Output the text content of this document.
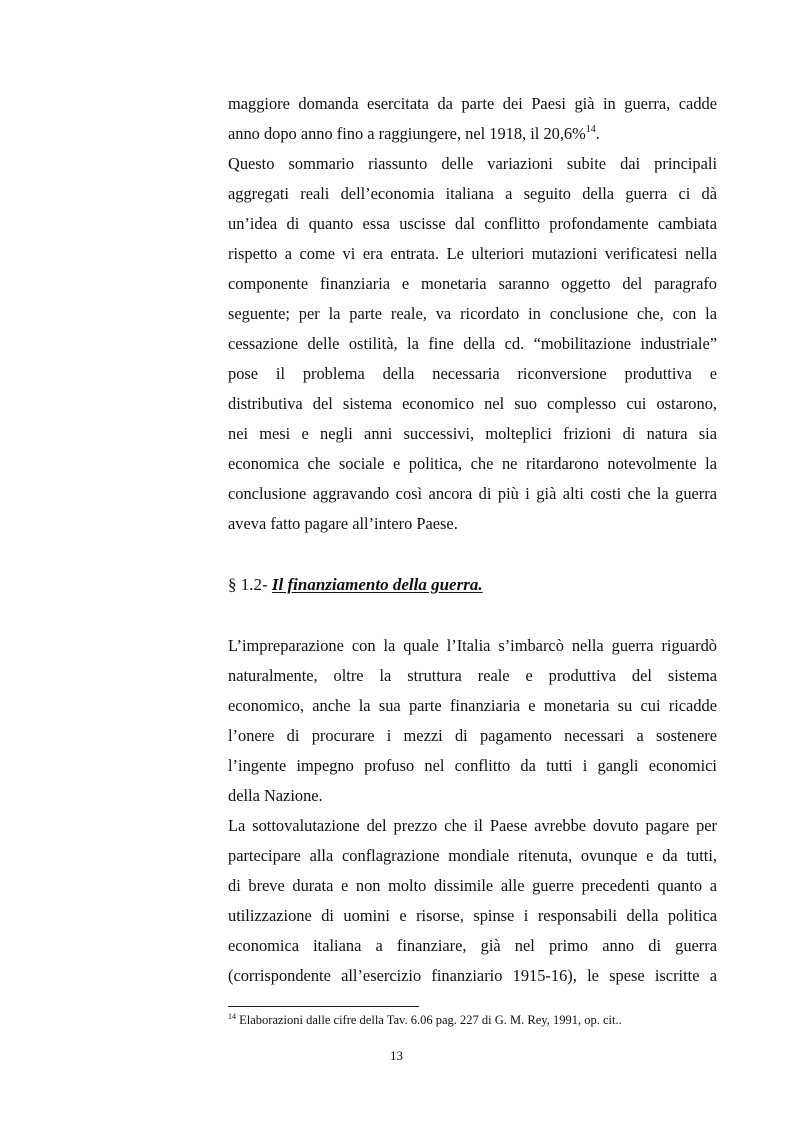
maggiore domanda esercitata da parte dei Paesi già in guerra, cadde
anno dopo anno fino a raggiungere, nel 1918, il 20,6%$^{14}$.
Questo sommario riassunto delle variazioni subite dai principali
aggregati reali dell’economia italiana a seguito della guerra ci dà
un’idea di quanto essa uscisse dal conflitto profondamente cambiata
rispetto a come vi era entrata. Le ulteriori mutazioni verificatesi nella
componente finanziaria e monetaria saranno oggetto del paragrafo
seguente; per la parte reale, va ricordato in conclusione che, con la
cessazione delle ostilità, la fine della cd. “mobilitazione industriale”
pose il problema della necessaria riconversione produttiva e
distributiva del sistema economico nel suo complesso cui ostarono,
nei mesi e negli anni successivi, molteplici frizioni di natura sia
economica che sociale e politica, che ne ritardarono notevolmente la
conclusione aggravando così ancora di più i già alti costi che la guerra
aveva fatto pagare all’intero Paese.
§ 1.2- Il finanziamento della guerra.
L’impreparazione con la quale l’Italia s’imbarcò nella guerra riguardò
naturalmente, oltre la struttura reale e produttiva del sistema
economico, anche la sua parte finanziaria e monetaria su cui ricadde
l’onere di procurare i mezzi di pagamento necessari a sostenere
l’ingente impegno profuso nel conflitto da tutti i gangli economici
della Nazione.
La sottovalutazione del prezzo che il Paese avrebbe dovuto pagare per
partecipare alla conflagrazione mondiale ritenuta, ovunque e da tutti,
di breve durata e non molto dissimile alle guerre precedenti quanto a
utilizzazione di uomini e risorse, spinse i responsabili della politica
economica italiana a finanziare, già nel primo anno di guerra
(corrispondente all’esercizio finanziario 1915-16), le spese iscritte a
$^{14}$ Elaborazioni dalle cifre della Tav. 6.06 pag. 227 di G. M. Rey, 1991, op. cit..
13
